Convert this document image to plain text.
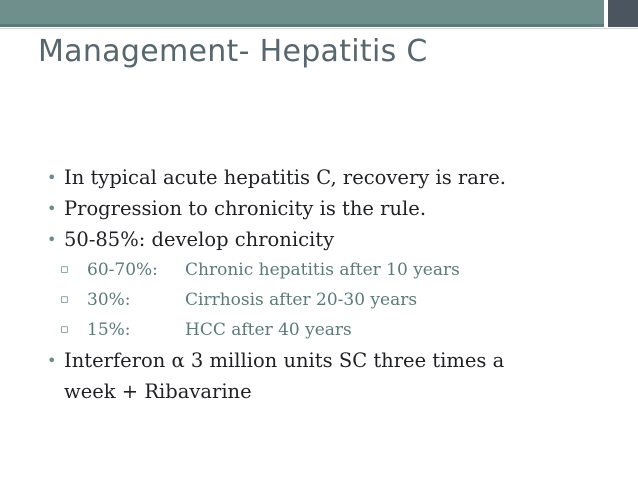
Management- Hepatitis C
• In typical acute hepatitis C, recovery is rare.
• Progression to chronicity is the rule.
• 50-85%: develop chronicity
▫ 60-70%: Chronic hepatitis after 10 years
▫ 30%:	Cirrhosis after 20-30 years
▫ 15%:	HCC after 40 years
• Interferon α 3 million units SC three times a
week + Ribavarine
